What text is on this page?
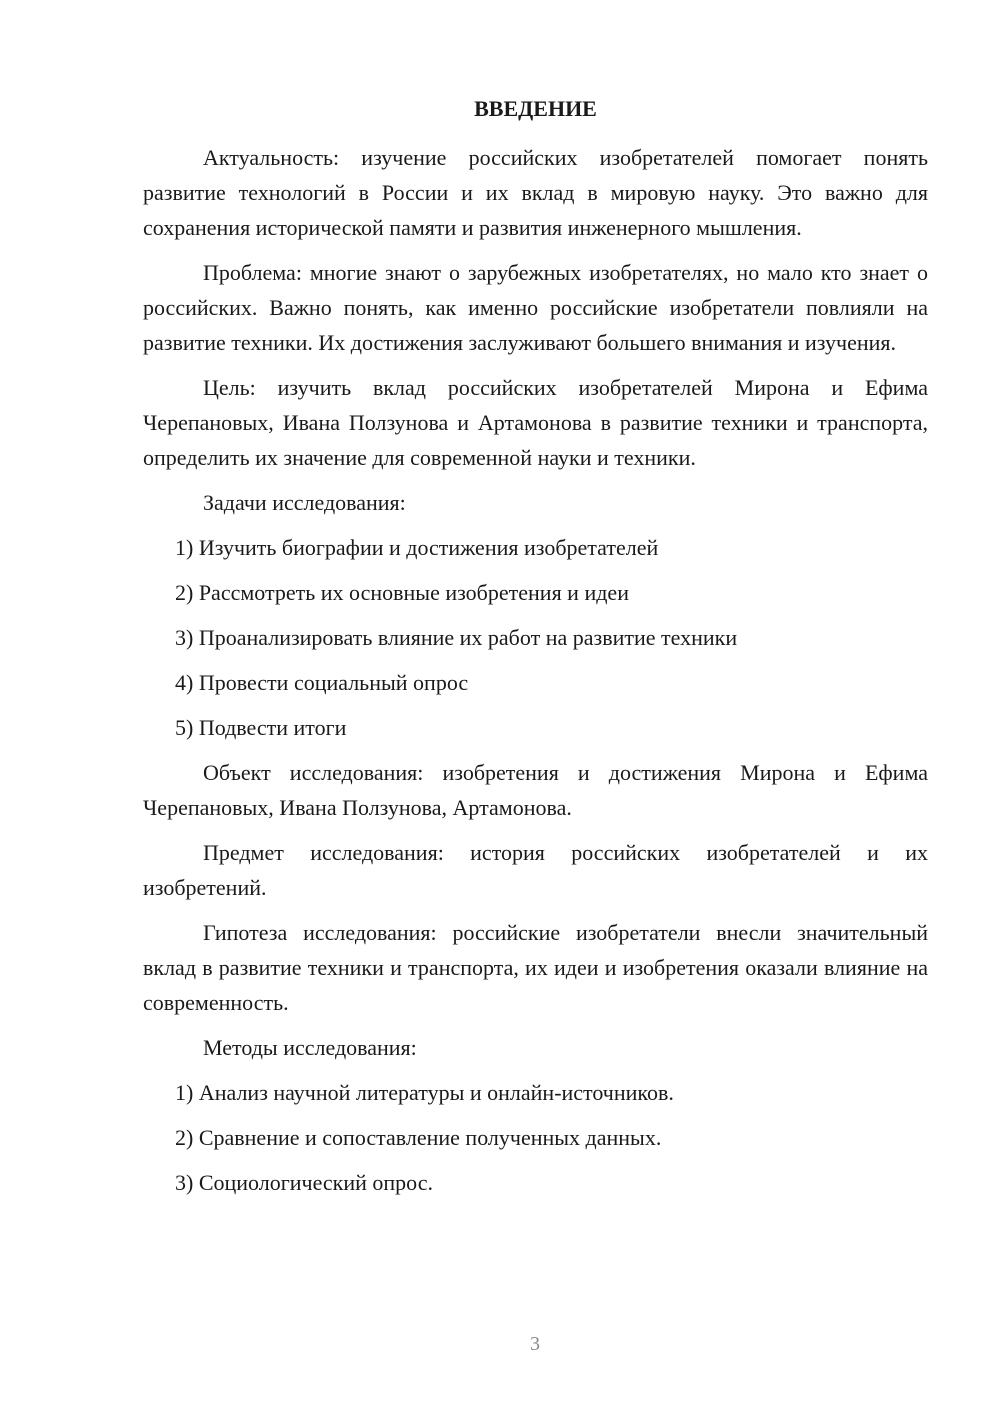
ВВЕДЕНИЕ

Актуальность: изучение российских изобретателей помогает понять развитие технологий в России и их вклад в мировую науку. Это важно для сохранения исторической памяти и развития инженерного мышления.

Проблема: многие знают о зарубежных изобретателях, но мало кто знает о российских. Важно понять, как именно российские изобретатели повлияли на развитие техники. Их достижения заслуживают большего внимания и изучения.

Цель: изучить вклад российских изобретателей Мирона и Ефима Черепановых, Ивана Ползунова и Артамонова в развитие техники и транспорта, определить их значение для современной науки и техники.

Задачи исследования:

1) Изучить биографии и достижения изобретателей

2) Рассмотреть их основные изобретения и идеи

3) Проанализировать влияние их работ на развитие техники

4) Провести социальный опрос

5) Подвести итоги

Объект исследования: изобретения и достижения Мирона и Ефима Черепановых, Ивана Ползунова, Артамонова.

Предмет исследования: история российских изобретателей и их изобретений.

Гипотеза исследования: российские изобретатели внесли значительный вклад в развитие техники и транспорта, их идеи и изобретения оказали влияние на современность.

Методы исследования:

1) Анализ научной литературы и онлайн-источников.

2) Сравнение и сопоставление полученных данных.

3) Социологический опрос.

3
